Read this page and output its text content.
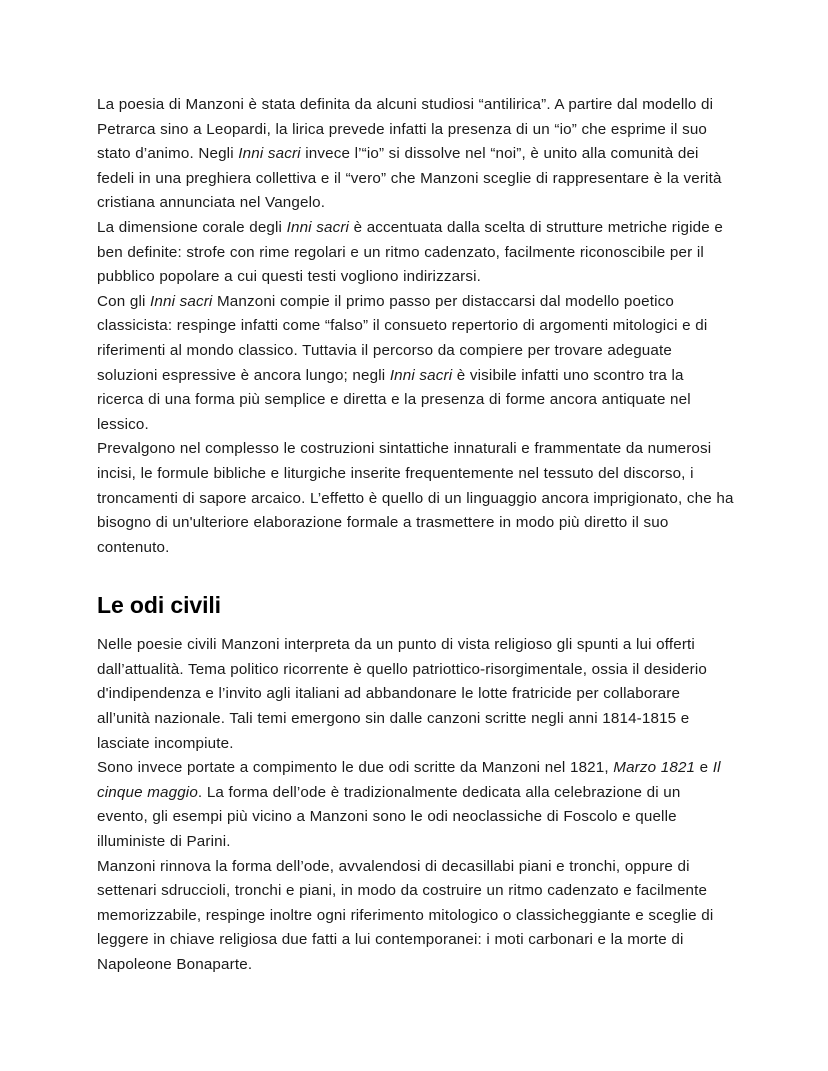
La poesia di Manzoni è stata definita da alcuni studiosi “antilirica”. A partire dal modello di Petrarca sino a Leopardi, la lirica prevede infatti la presenza di un “io” che esprime il suo stato d’animo. Negli Inni sacri invece l’“io” si dissolve nel “noi”, è unito alla comunità dei fedeli in una preghiera collettiva e il “vero” che Manzoni sceglie di rappresentare è la verità cristiana annunciata nel Vangelo.

La dimensione corale degli Inni sacri è accentuata dalla scelta di strutture metriche rigide e ben definite: strofe con rime regolari e un ritmo cadenzato, facilmente riconoscibile per il pubblico popolare a cui questi testi vogliono indirizzarsi.

Con gli Inni sacri Manzoni compie il primo passo per distaccarsi dal modello poetico classicista: respinge infatti come “falso” il consueto repertorio di argomenti mitologici e di riferimenti al mondo classico. Tuttavia il percorso da compiere per trovare adeguate soluzioni espressive è ancora lungo; negli Inni sacri è visibile infatti uno scontro tra la ricerca di una forma più semplice e diretta e la presenza di forme ancora antiquate nel lessico.

Prevalgono nel complesso le costruzioni sintattiche innaturali e frammentate da numerosi incisi, le formule bibliche e liturgiche inserite frequentemente nel tessuto del discorso, i troncamenti di sapore arcaico. L’effetto è quello di un linguaggio ancora imprigionato, che ha bisogno di un'ulteriore elaborazione formale a trasmettere in modo più diretto il suo contenuto.

Le odi civili

Nelle poesie civili Manzoni interpreta da un punto di vista religioso gli spunti a lui offerti dall’attualità. Tema politico ricorrente è quello patriottico-risorgimentale, ossia il desiderio d'indipendenza e l’invito agli italiani ad abbandonare le lotte fratricide per collaborare all’unità nazionale. Tali temi emergono sin dalle canzoni scritte negli anni 1814-1815 e lasciate incompiute.

Sono invece portate a compimento le due odi scritte da Manzoni nel 1821, Marzo 1821 e Il cinque maggio. La forma dell’ode è tradizionalmente dedicata alla celebrazione di un evento, gli esempi più vicino a Manzoni sono le odi neoclassiche di Foscolo e quelle illuministe di Parini.

Manzoni rinnova la forma dell’ode, avvalendosi di decasillabi piani e tronchi, oppure di settenari sdruccioli, tronchi e piani, in modo da costruire un ritmo cadenzato e facilmente memorizzabile, respinge inoltre ogni riferimento mitologico o classicheggiante e sceglie di leggere in chiave religiosa due fatti a lui contemporanei: i moti carbonari e la morte di Napoleone Bonaparte.
